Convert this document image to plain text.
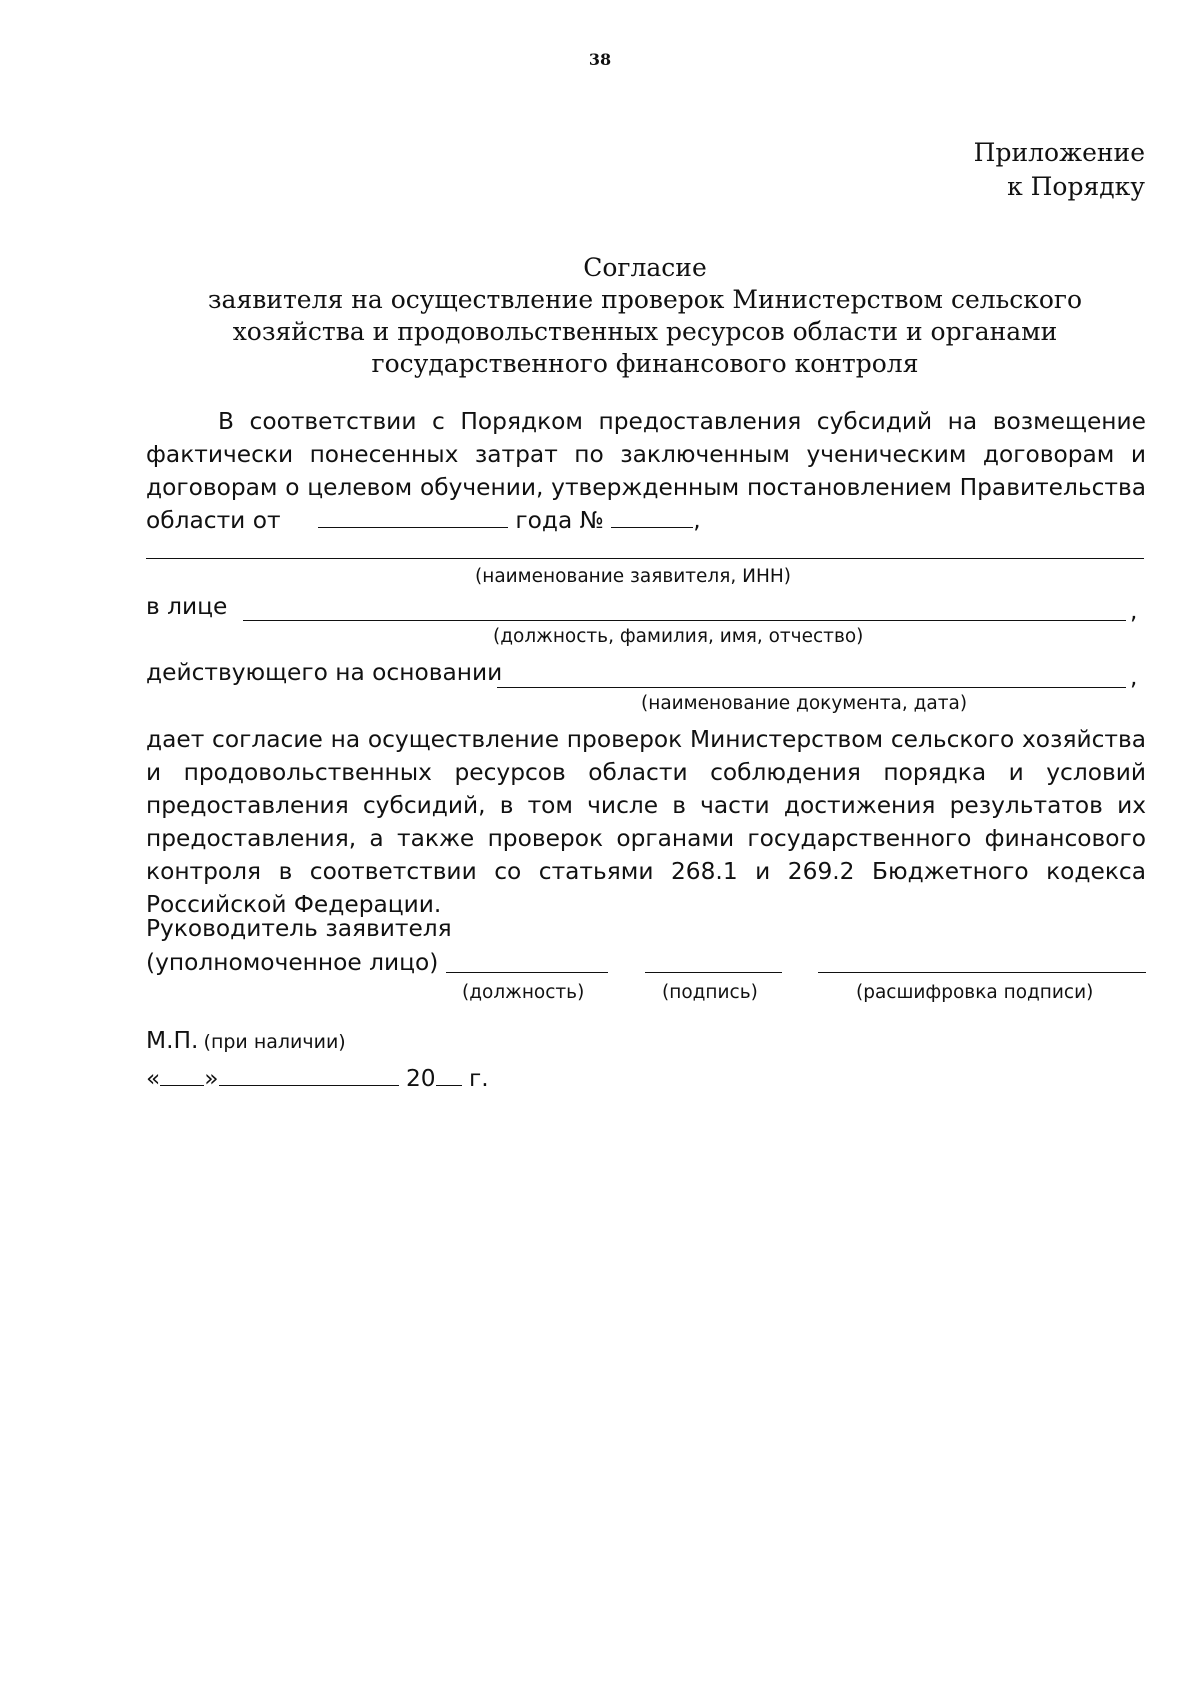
38
Приложение
к Порядку
Согласие
заявителя на осуществление проверок Министерством сельского
хозяйства и продовольственных ресурсов области и органами
государственного финансового контроля
В соответствии с Порядком предоставления субсидий на возмещение фактически понесенных затрат по заключенным ученическим договорам и договорам о целевом обучении, утвержденным постановлением Правительства области от	года №	,
(наименование заявителя, ИНН)
в лице	,
(должность, фамилия, имя, отчество)
действующего на основании	,
(наименование документа, дата)
дает согласие на осуществление проверок Министерством сельского хозяйства и продовольственных ресурсов области соблюдения порядка и условий предоставления субсидий, в том числе в части достижения результатов их предоставления, а также проверок органами государственного финансового контроля в соответствии со статьями 268.1 и 269.2 Бюджетного кодекса Российской Федерации.
Руководитель заявителя
(уполномоченное лицо)
(должность)	(подпись)	(расшифровка подписи)
М.П. (при наличии)
« »	20 г.
